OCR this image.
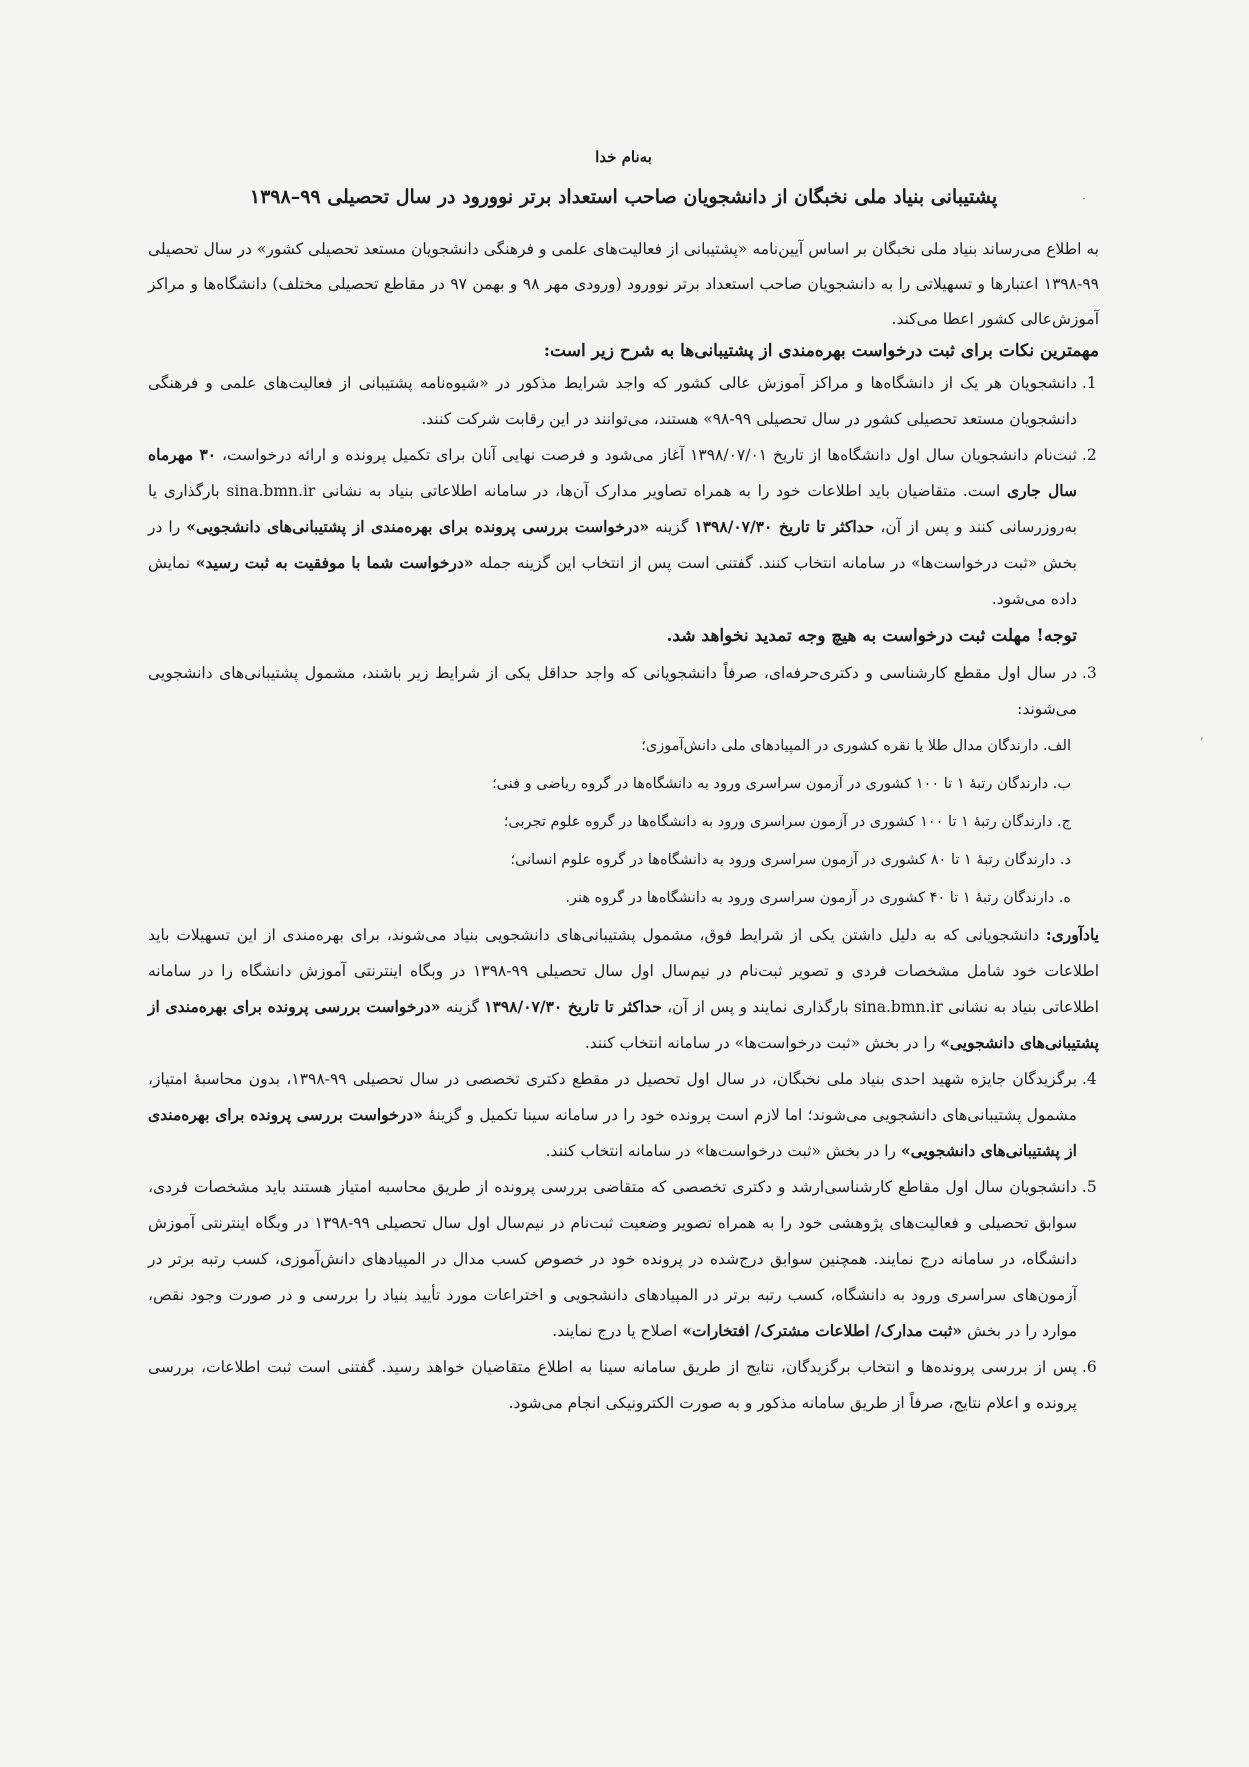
·
,
به‌نام خدا
پشتیبانی بنیاد ملی نخبگان از دانشجویان صاحب استعداد برتر نوورود در سال تحصیلی ۹۹–۱۳۹۸

به اطلاع می‌رساند بنیاد ملی نخبگان بر اساس آیین‌نامه «پشتیبانی از فعالیت‌های علمی و فرهنگی دانشجویان مستعد تحصیلی کشور» در سال تحصیلی ۹۹-۱۳۹۸ اعتبارها و تسهیلاتی را به دانشجویان صاحب استعداد برتر نوورود (ورودی مهر ۹۸ و بهمن ۹۷ در مقاطع تحصیلی مختلف) دانشگاه‌ها و مراکز آموزش‌عالی کشور اعطا می‌کند.

مهمترین نکات برای ثبت درخواست بهره‌مندی از پشتیبانی‌ها به شرح زیر است:
1. دانشجویان هر یک از دانشگاه‌ها و مراکز آموزش عالی کشور که واجد شرایط مذکور در «شیوه‌نامه پشتیبانی از فعالیت‌های علمی و فرهنگی دانشجویان مستعد تحصیلی کشور در سال تحصیلی ۹۹-۹۸» هستند، می‌توانند در این رقابت شرکت کنند.
2. ثبت‌نام دانشجویان سال اول دانشگاه‌ها از تاریخ ۱۳۹۸/۰۷/۰۱ آغاز می‌شود و فرصت نهایی آنان برای تکمیل پرونده و ارائه درخواست، ۳۰ مهرماه سال جاری است. متقاضیان باید اطلاعات خود را به همراه تصاویر مدارک آن‌ها، در سامانه اطلاعاتی بنیاد به نشانی sina.bmn.ir بارگذاری یا به‌روزرسانی کنند و پس از آن، حداکثر تا تاریخ ۱۳۹۸/۰۷/۳۰ گزینه «درخواست بررسی پرونده برای بهره‌مندی از پشتیبانی‌های دانشجویی» را در بخش «ثبت درخواست‌ها» در سامانه انتخاب کنند. گفتنی است پس از انتخاب این گزینه جمله «درخواست شما با موفقیت به ثبت رسید» نمایش داده می‌شود.
توجه! مهلت ثبت درخواست به هیچ وجه تمدید نخواهد شد.
3. در سال اول مقطع کارشناسی و دکتری‌حرفه‌ای، صرفاً دانشجویانی که واجد حداقل یکی از شرایط زیر باشند، مشمول پشتیبانی‌های دانشجویی می‌شوند:
الف. دارندگان مدال طلا یا نقره کشوری در المپیادهای ملی دانش‌آموزی؛
ب. دارندگان رتبهٔ ۱ تا ۱۰۰ کشوری در آزمون سراسری ورود به دانشگاه‌ها در گروه ریاضی و فنی؛
ج. دارندگان رتبهٔ ۱ تا ۱۰۰ کشوری در آزمون سراسری ورود به دانشگاه‌ها در گروه علوم تجربی؛
د. دارندگان رتبهٔ ۱ تا ۸۰ کشوری در آزمون سراسری ورود به دانشگاه‌ها در گروه علوم انسانی؛
ه. دارندگان رتبهٔ ۱ تا ۴۰ کشوری در آزمون سراسری ورود به دانشگاه‌ها در گروه هنر.
یادآوری: دانشجویانی که به دلیل داشتن یکی از شرایط فوق، مشمول پشتیبانی‌های دانشجویی بنیاد می‌شوند، برای بهره‌مندی از این تسهیلات باید اطلاعات خود شامل مشخصات فردی و تصویر ثبت‌نام در نیم‌سال اول سال تحصیلی ۹۹-۱۳۹۸ در وبگاه اینترنتی آموزش دانشگاه را در سامانه اطلاعاتی بنیاد به نشانی sina.bmn.ir بارگذاری نمایند و پس از آن، حداکثر تا تاریخ ۱۳۹۸/۰۷/۳۰ گزینه «درخواست بررسی پرونده برای بهره‌مندی از پشتیبانی‌های دانشجویی» را در بخش «ثبت درخواست‌ها» در سامانه انتخاب کنند.
4. برگزیدگان جایزه شهید احدی بنیاد ملی نخبگان، در سال اول تحصیل در مقطع دکتری تخصصی در سال تحصیلی ۹۹-۱۳۹۸، بدون محاسبهٔ امتیاز، مشمول پشتیبانی‌های دانشجویی می‌شوند؛ اما لازم است پرونده خود را در سامانه سینا تکمیل و گزینهٔ «درخواست بررسی پرونده برای بهره‌مندی از پشتیبانی‌های دانشجویی» را در بخش «ثبت درخواست‌ها» در سامانه انتخاب کنند.
5. دانشجویان سال اول مقاطع کارشناسی‌ارشد و دکتری تخصصی که متقاضی بررسی پرونده از طریق محاسبه امتیاز هستند باید مشخصات فردی، سوابق تحصیلی و فعالیت‌های پژوهشی خود را به همراه تصویر وضعیت ثبت‌نام در نیم‌سال اول سال تحصیلی ۹۹-۱۳۹۸ در وبگاه اینترنتی آموزش دانشگاه، در سامانه درج نمایند. همچنین سوابق درج‌شده در پرونده خود در خصوص کسب مدال در المپیادهای دانش‌آموزی، کسب رتبه برتر در آزمون‌های سراسری ورود به دانشگاه، کسب رتبه برتر در المپیادهای دانشجویی و اختراعات مورد تأیید بنیاد را بررسی و در صورت وجود نقص، موارد را در بخش «ثبت مدارک/ اطلاعات مشترک/ افتخارات» اصلاح یا درج نمایند.
6. پس از بررسی پرونده‌ها و انتخاب برگزیدگان، نتایج از طریق سامانه سینا به اطلاع متقاضیان خواهد رسید. گفتنی است ثبت اطلاعات، بررسی پرونده و اعلام نتایج، صرفاً از طریق سامانه مذکور و به صورت الکترونیکی انجام می‌شود.
